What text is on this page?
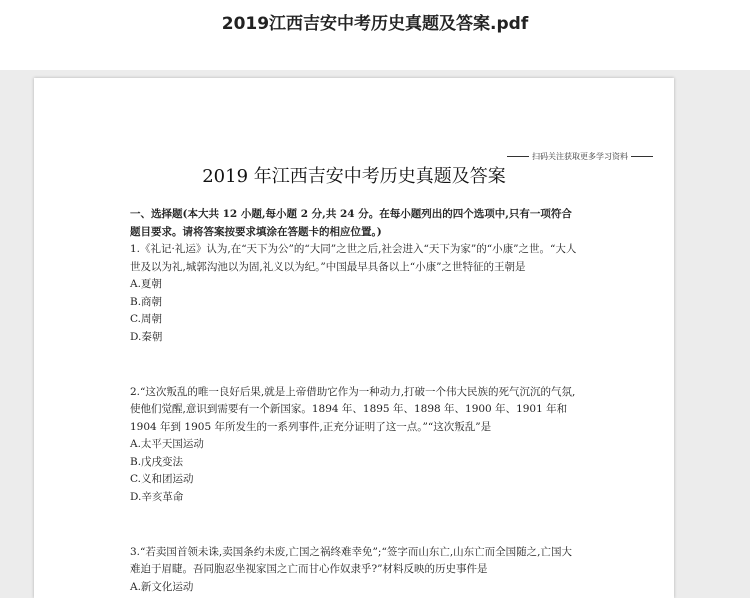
2019江西吉安中考历史真题及答案.pdf
扫码关注获取更多学习资料
2019 年江西吉安中考历史真题及答案

一、选择题(本大共 12 小题,每小题 2 分,共 24 分。在每小题列出的四个选项中,只有一项符合题目要求。请将答案按要求填涂在答题卡的相应位置。)

1.《礼记·礼运》认为,在“天下为公”的“大同”之世之后,社会进入“天下为家”的“小康”之世。“大人世及以为礼,城郭沟池以为固,礼义以为纪。”中国最早具备以上“小康”之世特征的王朝是

A.夏朝

B.商朝

C.周朝

D.秦朝

2.“这次叛乱的唯一良好后果,就是上帝借助它作为一种动力,打破一个伟大民族的死气沉沉的气氛,使他们觉醒,意识到需要有一个新国家。1894 年、1895 年、1898 年、1900 年、1901 年和 1904 年到 1905 年所发生的一系列事件,正充分证明了这一点。”“这次叛乱”是

A.太平天国运动

B.戊戌变法

C.义和团运动

D.辛亥革命

3.“若卖国首领未诛,卖国条约未废,亡国之祸终难幸免”;“签字而山东亡,山东亡而全国随之,亡国大难迫于眉睫。吾同胞忍坐视家国之亡而甘心作奴隶乎?”材料反映的历史事件是

A.新文化运动
